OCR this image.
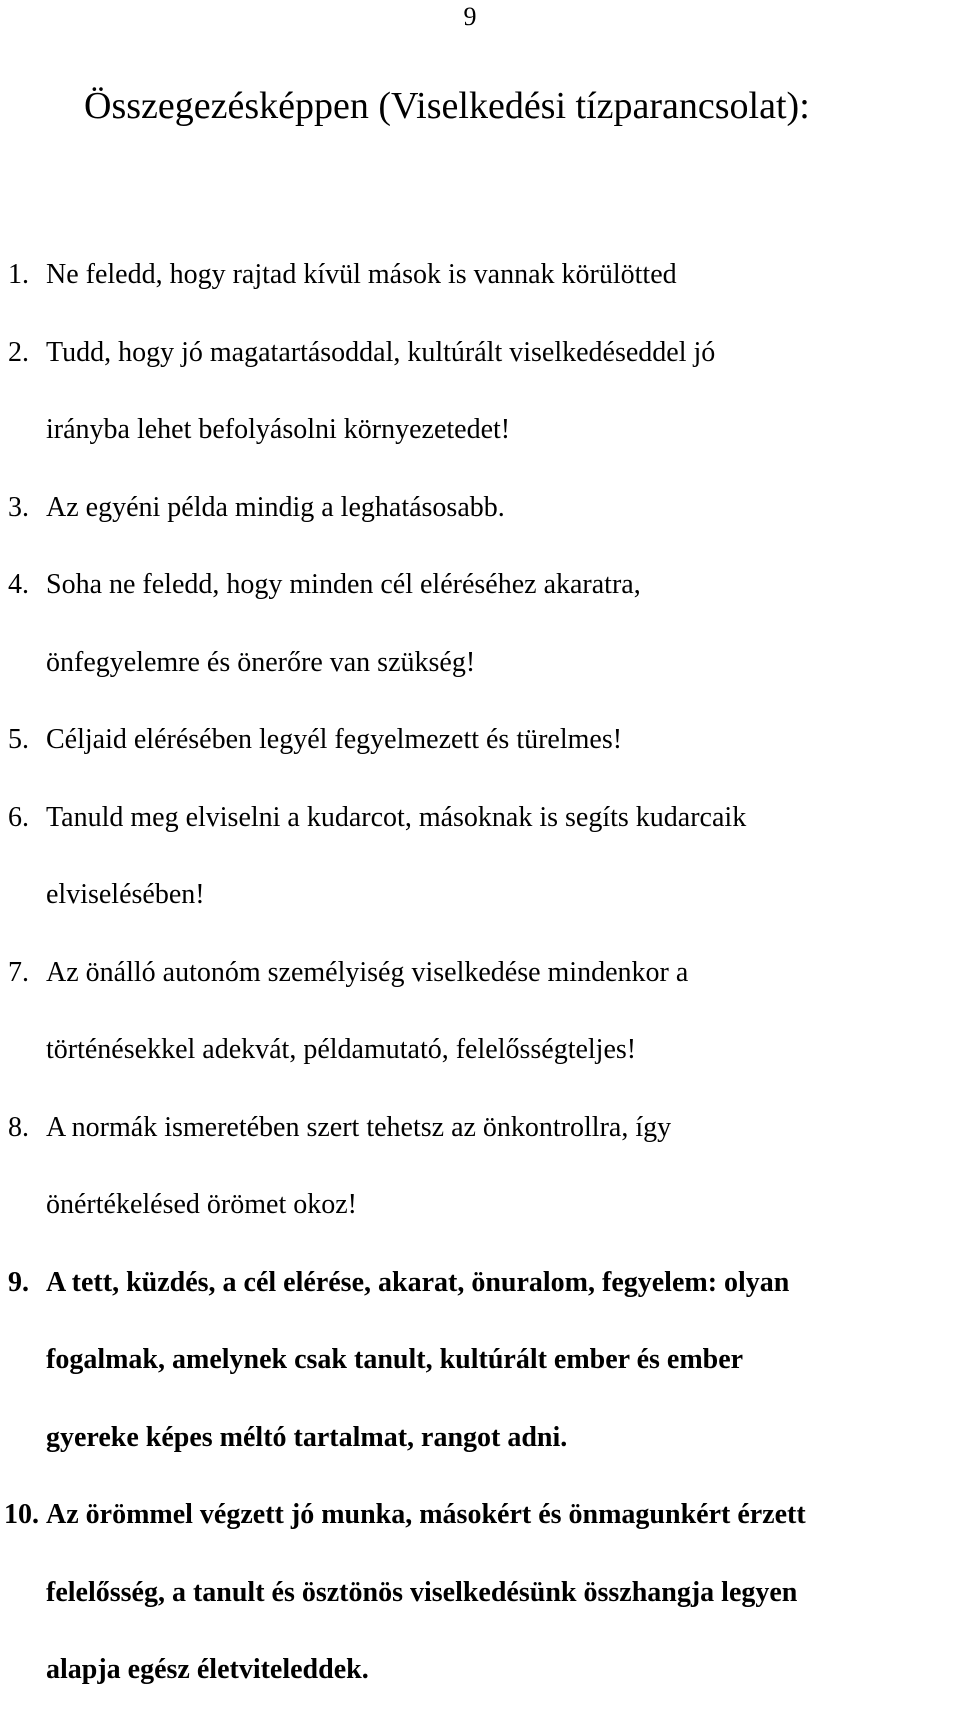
9
Összegezésképpen (Viselkedési tízparancsolat):
1. Ne feledd, hogy rajtad kívül mások is vannak körülötted
2. Tudd, hogy jó magatartásoddal, kultúrált viselkedéseddel jó
irányba lehet befolyásolni környezetedet!
3. Az egyéni példa mindig a leghatásosabb.
4. Soha ne feledd, hogy minden cél eléréséhez akaratra,
önfegyelemre és önerőre van szükség!
5. Céljaid elérésében legyél fegyelmezett és türelmes!
6. Tanuld meg elviselni a kudarcot, másoknak is segíts kudarcaik
elviselésében!
7. Az önálló autonóm személyiség viselkedése mindenkor a
történésekkel adekvát, példamutató, felelősségteljes!
8. A normák ismeretében szert tehetsz az önkontrollra, így
önértékelésed örömet okoz!
9. A tett, küzdés, a cél elérése, akarat, önuralom, fegyelem: olyan
fogalmak, amelynek csak tanult, kultúrált ember és ember
gyereke képes méltó tartalmat, rangot adni.
10. Az örömmel végzett jó munka, másokért és önmagunkért érzett
felelősség, a tanult és ösztönös viselkedésünk összhangja legyen
alapja egész életviteleddek.
